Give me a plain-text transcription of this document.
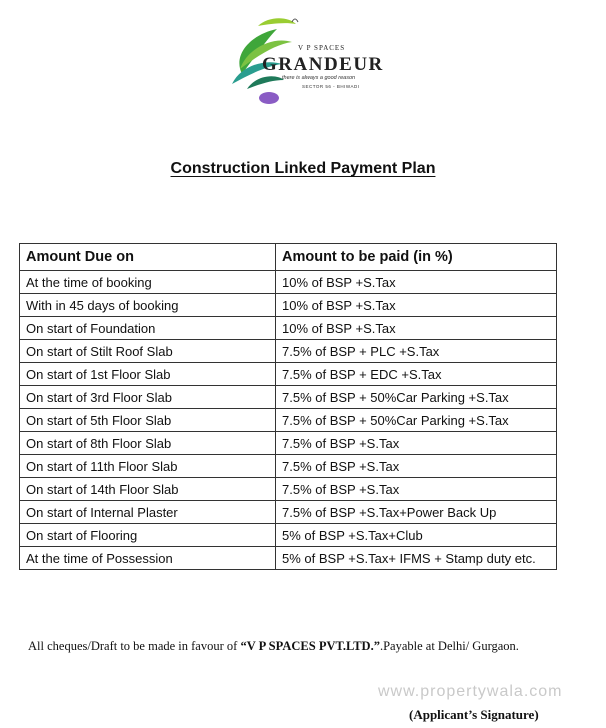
V P SPACES
GRANDEUR
there is always a good reason
SECTOR 56 - BHIWADI
Construction Linked Payment Plan
Amount Due on	Amount to be paid (in %)
At the time of booking	10% of BSP +S.Tax
With in 45 days of booking	10% of BSP +S.Tax
On start of Foundation	10% of BSP +S.Tax
On start of Stilt Roof Slab	7.5% of BSP + PLC +S.Tax
On start of 1st Floor Slab	7.5% of BSP + EDC +S.Tax
On start of 3rd Floor Slab	7.5% of BSP + 50%Car Parking +S.Tax
On start of 5th Floor Slab	7.5% of BSP + 50%Car Parking +S.Tax
On start of 8th Floor Slab	7.5% of BSP +S.Tax
On start of 11th Floor Slab	7.5% of BSP +S.Tax
On start of 14th Floor Slab	7.5% of BSP +S.Tax
On start of Internal Plaster	7.5% of BSP +S.Tax+Power Back Up
On start of Flooring	5% of BSP +S.Tax+Club
At the time of Possession	5% of BSP +S.Tax+ IFMS + Stamp duty etc.
All cheques/Draft to be made in favour of “V P SPACES PVT.LTD.”.Payable at Delhi/ Gurgaon.
www.propertywala.com
(Applicant’s Signature)
